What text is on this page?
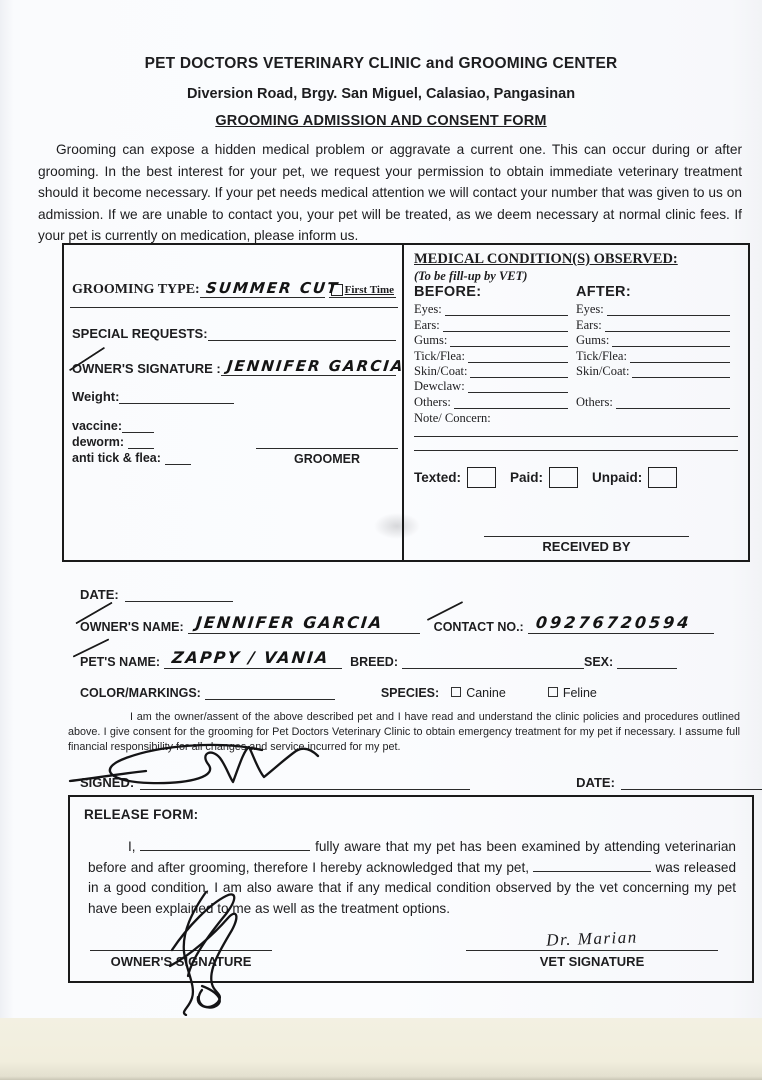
PET DOCTORS VETERINARY CLINIC and GROOMING CENTER
Diversion Road, Brgy. San Miguel, Calasiao, Pangasinan
GROOMING ADMISSION AND CONSENT FORM

Grooming can expose a hidden medical problem or aggravate a current one. This can occur during or after grooming. In the best interest for your pet, we request your permission to obtain immediate veterinary treatment should it become necessary. If your pet needs medical attention we will contact your number that was given to us on admission. If we are unable to contact you, your pet will be treated, as we deem necessary at normal clinic fees. If your pet is currently on medication, please inform us.

GROOMING TYPE: SUMMER CUT First Time
SPECIAL REQUESTS:
OWNER'S SIGNATURE : JENNIFER GARCIA
Weight:
vaccine:
deworm:
anti tick & flea:	GROOMER
MEDICAL CONDITION(S) OBSERVED:
(To be fill-up by VET)
BEFORE:	AFTER:
Eyes:	Eyes:
Ears:	Ears:
Gums:	Gums:
Tick/Flea:	Tick/Flea:
Skin/Coat:	Skin/Coat:
Dewclaw:
Others:	Others:
Note/ Concern:
Texted:	Paid:	Unpaid:
RECEIVED BY
DATE:
OWNER'S NAME: JENNIFER GARCIA	CONTACT NO.: 09276720594
PET'S NAME: ZAPPY / VANIA BREED:	SEX:
COLOR/MARKINGS:	SPECIES: Canine	Feline

I am the owner/assent of the above described pet and I have read and understand the clinic policies and procedures outlined above. I give consent for the grooming for Pet Doctors Veterinary Clinic to obtain emergency treatment for my pet if necessary. I assume full financial responsibility for all changes and service incurred for my pet.

SIGNED:	DATE:
RELEASE FORM:

I,	fully aware that my pet has been examined by attending veterinarian before and after grooming, therefore I hereby acknowledged that my pet,	was released in a good condition, I am also aware that if any medical condition observed by the vet concerning my pet have been explained to me as well as the treatment options.

OWNER'S SIGNATURE
Dr. Marian
VET SIGNATURE
